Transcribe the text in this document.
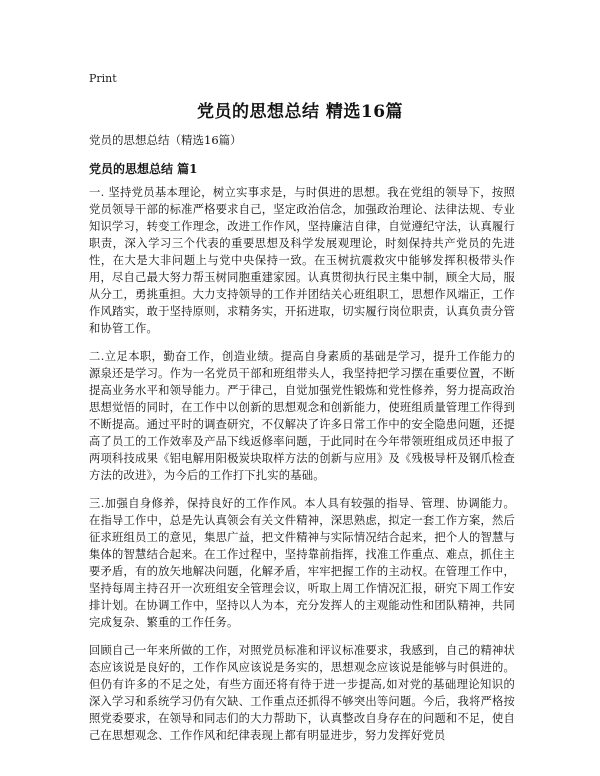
Print
党员的思想总结 精选16篇

党员的思想总结（精选16篇）

党员的思想总结 篇1

一. 坚持党员基本理论，树立实事求是，与时俱进的思想。我在党组的领导下，按照党员领导干部的标准严格要求自己，坚定政治信念，加强政治理论、法律法规、专业知识学习，转变工作理念，改进工作作风，坚持廉洁自律，自觉遵纪守法，认真履行职责，深入学习三个代表的重要思想及科学发展观理论，时刻保持共产党员的先进性，在大是大非问题上与党中央保持一致。在玉树抗震救灾中能够发挥积极带头作用，尽自己最大努力帮玉树同胞重建家园。认真贯彻执行民主集中制，顾全大局，服从分工，勇挑重担。大力支持领导的工作并团结关心班组职工，思想作风端正，工作作风踏实，敢于坚持原则，求精务实，开拓进取，切实履行岗位职责，认真负责分管和协管工作。

二.立足本职，勤奋工作，创造业绩。提高自身素质的基础是学习，提升工作能力的源泉还是学习。作为一名党员干部和班组带头人，我坚持把学习摆在重要位置，不断提高业务水平和领导能力。严于律己，自觉加强党性锻炼和党性修养，努力提高政治思想觉悟的同时，在工作中以创新的思想观念和创新能力，使班组质量管理工作得到不断提高。通过平时的调查研究，不仅解决了许多日常工作中的安全隐患问题，还提高了员工的工作效率及产品下线返修率问题，于此同时在今年带领班组成员还申报了两项科技成果《铝电解用阳极炭块取样方法的创新与应用》及《残极导杆及钢爪检查方法的改进》，为今后的工作打下扎实的基础。

三.加强自身修养，保持良好的工作作风。本人具有较强的指导、管理、协调能力。在指导工作中，总是先认真领会有关文件精神，深思熟虑，拟定一套工作方案，然后征求班组员工的意见，集思广益，把文件精神与实际情况结合起来，把个人的智慧与集体的智慧结合起来。在工作过程中，坚持靠前指挥，找准工作重点、难点，抓住主要矛盾，有的放矢地解决问题，化解矛盾，牢牢把握工作的主动权。在管理工作中，坚持每周主持召开一次班组安全管理会议，听取上周工作情况汇报，研究下周工作安排计划。在协调工作中，坚持以人为本，充分发挥人的主观能动性和团队精神，共同完成复杂、繁重的工作任务。

回顾自己一年来所做的工作，对照党员标准和评议标准要求，我感到，自己的精神状态应该说是良好的，工作作风应该说是务实的，思想观念应该说是能够与时俱进的。但仍有许多的不足之处，有些方面还将有待于进一步提高,如对党的基础理论知识的深入学习和系统学习仍有欠缺、工作重点还抓得不够突出等问题。今后，我将严格按照党委要求，在领导和同志们的大力帮助下，认真整改自身存在的问题和不足，使自己在思想观念、工作作风和纪律表现上都有明显进步，努力发挥好党员
